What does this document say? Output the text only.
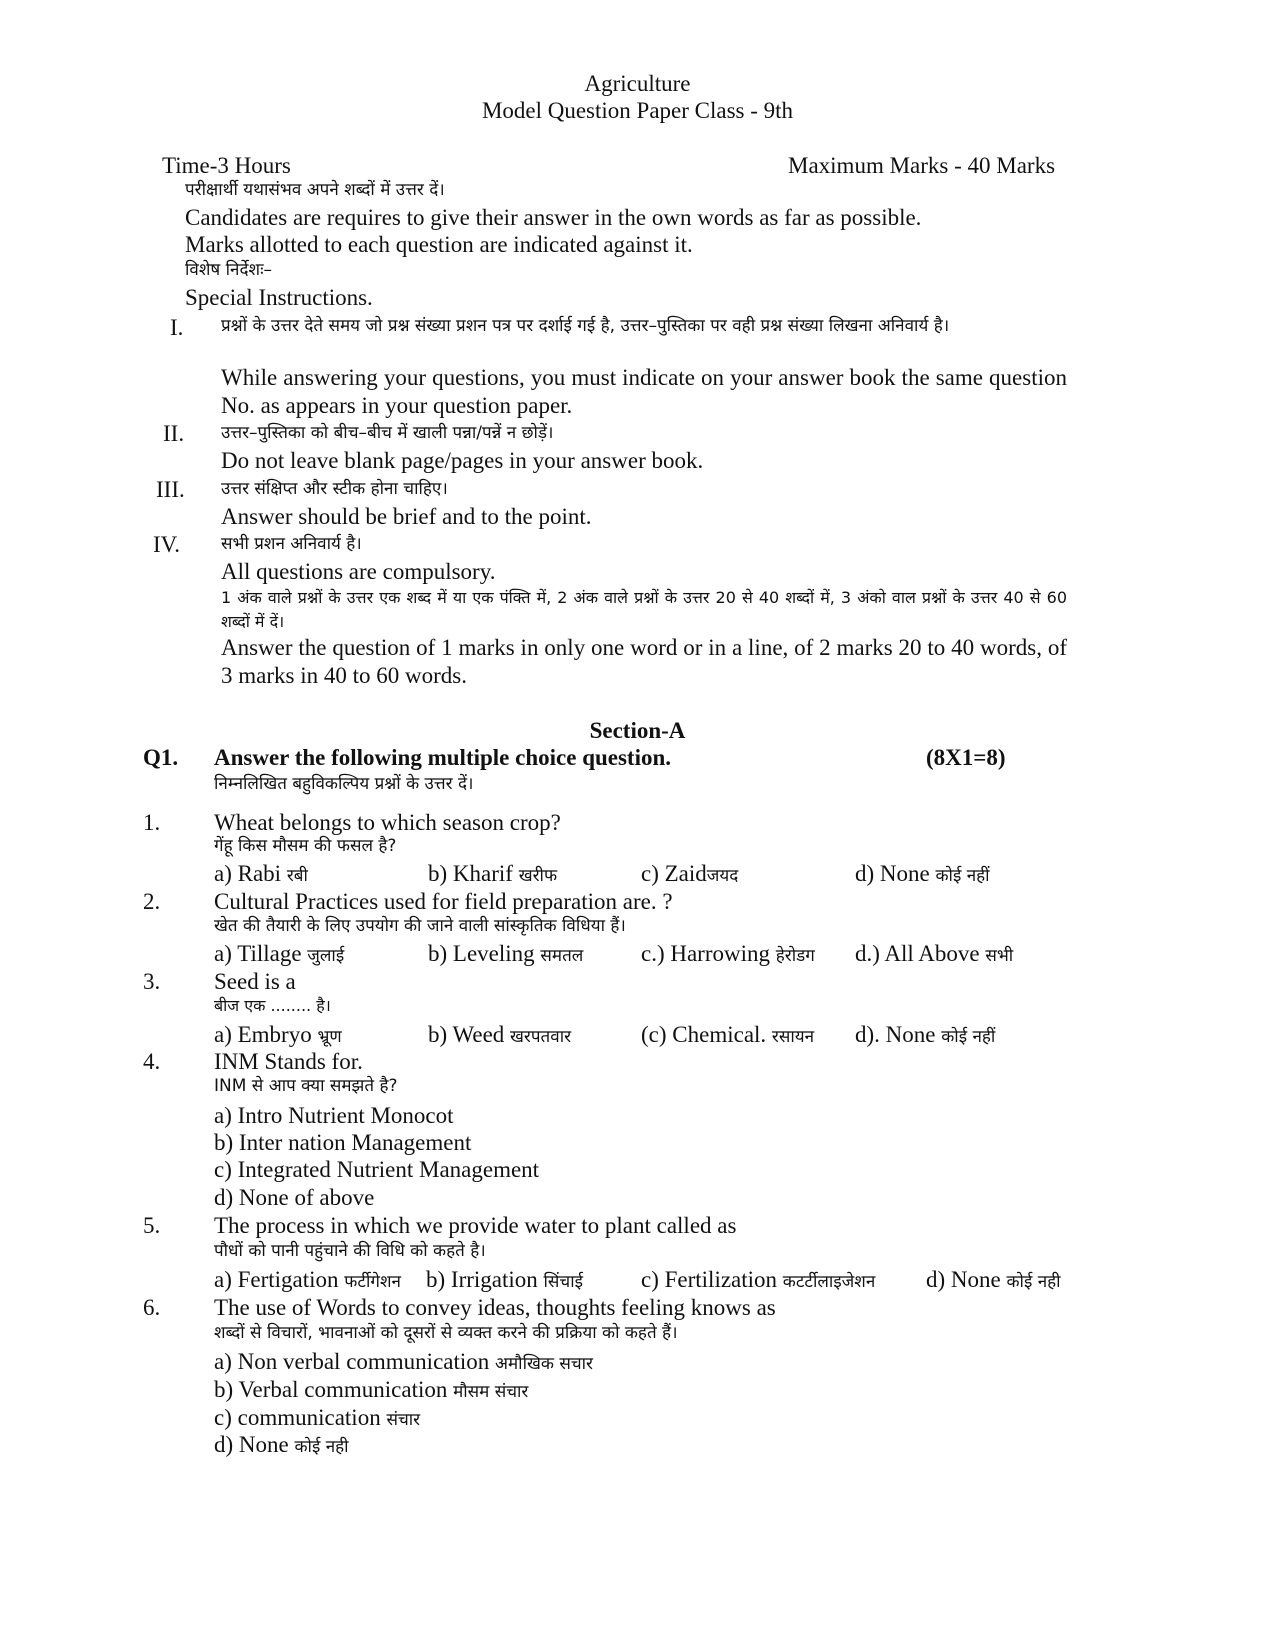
Agriculture
Model Question Paper Class - 9th
Time-3 Hours	Maximum Marks - 40 Marks
परीक्षार्थी यथासंभव अपने शब्दों में उत्तर दें।
Candidates are requires to give their answer in the own words as far as possible.
Marks allotted to each question are indicated against it.
विशेष निर्देशः–
Special Instructions.
I. प्रश्नों के उत्तर देते समय जो प्रश्न संख्या प्रशन पत्र पर दर्शाई गई है, उत्तर–पुस्तिका पर वही प्रश्न संख्या लिखना अनिवार्य है।
While answering your questions, you must indicate on your answer book the same question No. as appears in your question paper.
II. उत्तर–पुस्तिका को बीच–बीच में खाली पन्ना/पन्नें न छोड़ें।
Do not leave blank page/pages in your answer book.
III. उत्तर संक्षिप्त और स्टीक होना चाहिए।
Answer should be brief and to the point.
IV. सभी प्रशन अनिवार्य है।
All questions are compulsory.
1 अंक वाले प्रश्नों के उत्तर एक शब्द में या एक पंक्ति में, 2 अंक वाले प्रश्नों के उत्तर 20 से 40 शब्दों में, 3 अंको वाल प्रश्नों के उत्तर 40 से 60 शब्दों में दें।
Answer the question of 1 marks in only one word or in a line, of 2 marks 20 to 40 words, of 3 marks in 40 to 60 words.
Section-A
Q1. Answer the following multiple choice question.	(8X1=8)
निम्नलिखित बहुविकल्पिय प्रश्नों के उत्तर दें।
1. Wheat belongs to which season crop?
गेंहू किस मौसम की फसल है?
a) Rabi रबी	b) Kharif खरीफ	c) Zaidजयद	d) None कोई नहीं
2. Cultural Practices used for field preparation are. ?
खेत की तैयारी के लिए उपयोग की जाने वाली सांस्कृतिक विधिया हैं।
a) Tillage जुलाई	b) Leveling समतल	c.) Harrowing हेरोडग d.) All Above सभी
3. Seed is a
बीज एक ........ है।
a) Embryo भ्रूण	b) Weed खरपतवार	(c) Chemical. रसायन d). None कोई नहीं
4. INM Stands for.
INM से आप क्या समझते है?
a) Intro Nutrient Monocot
b) Inter nation Management
c) Integrated Nutrient Management
d) None of above
5. The process in which we provide water to plant called as
पौधों को पानी पहुंचाने की विधि को कहते है।
a) Fertigation फर्टीगेशन b) Irrigation सिंचाई	c) Fertilization कटर्टीलाइजेशन d) None कोई नही
6. The use of Words to convey ideas, thoughts feeling knows as
शब्दों से विचारों, भावनाओं को दूसरों से व्यक्त करने की प्रक्रिया को कहते हैं।
a) Non verbal communication अमौखिक सचार
b) Verbal communication मौसम संचार
c) communication संचार
d) None कोई नही
